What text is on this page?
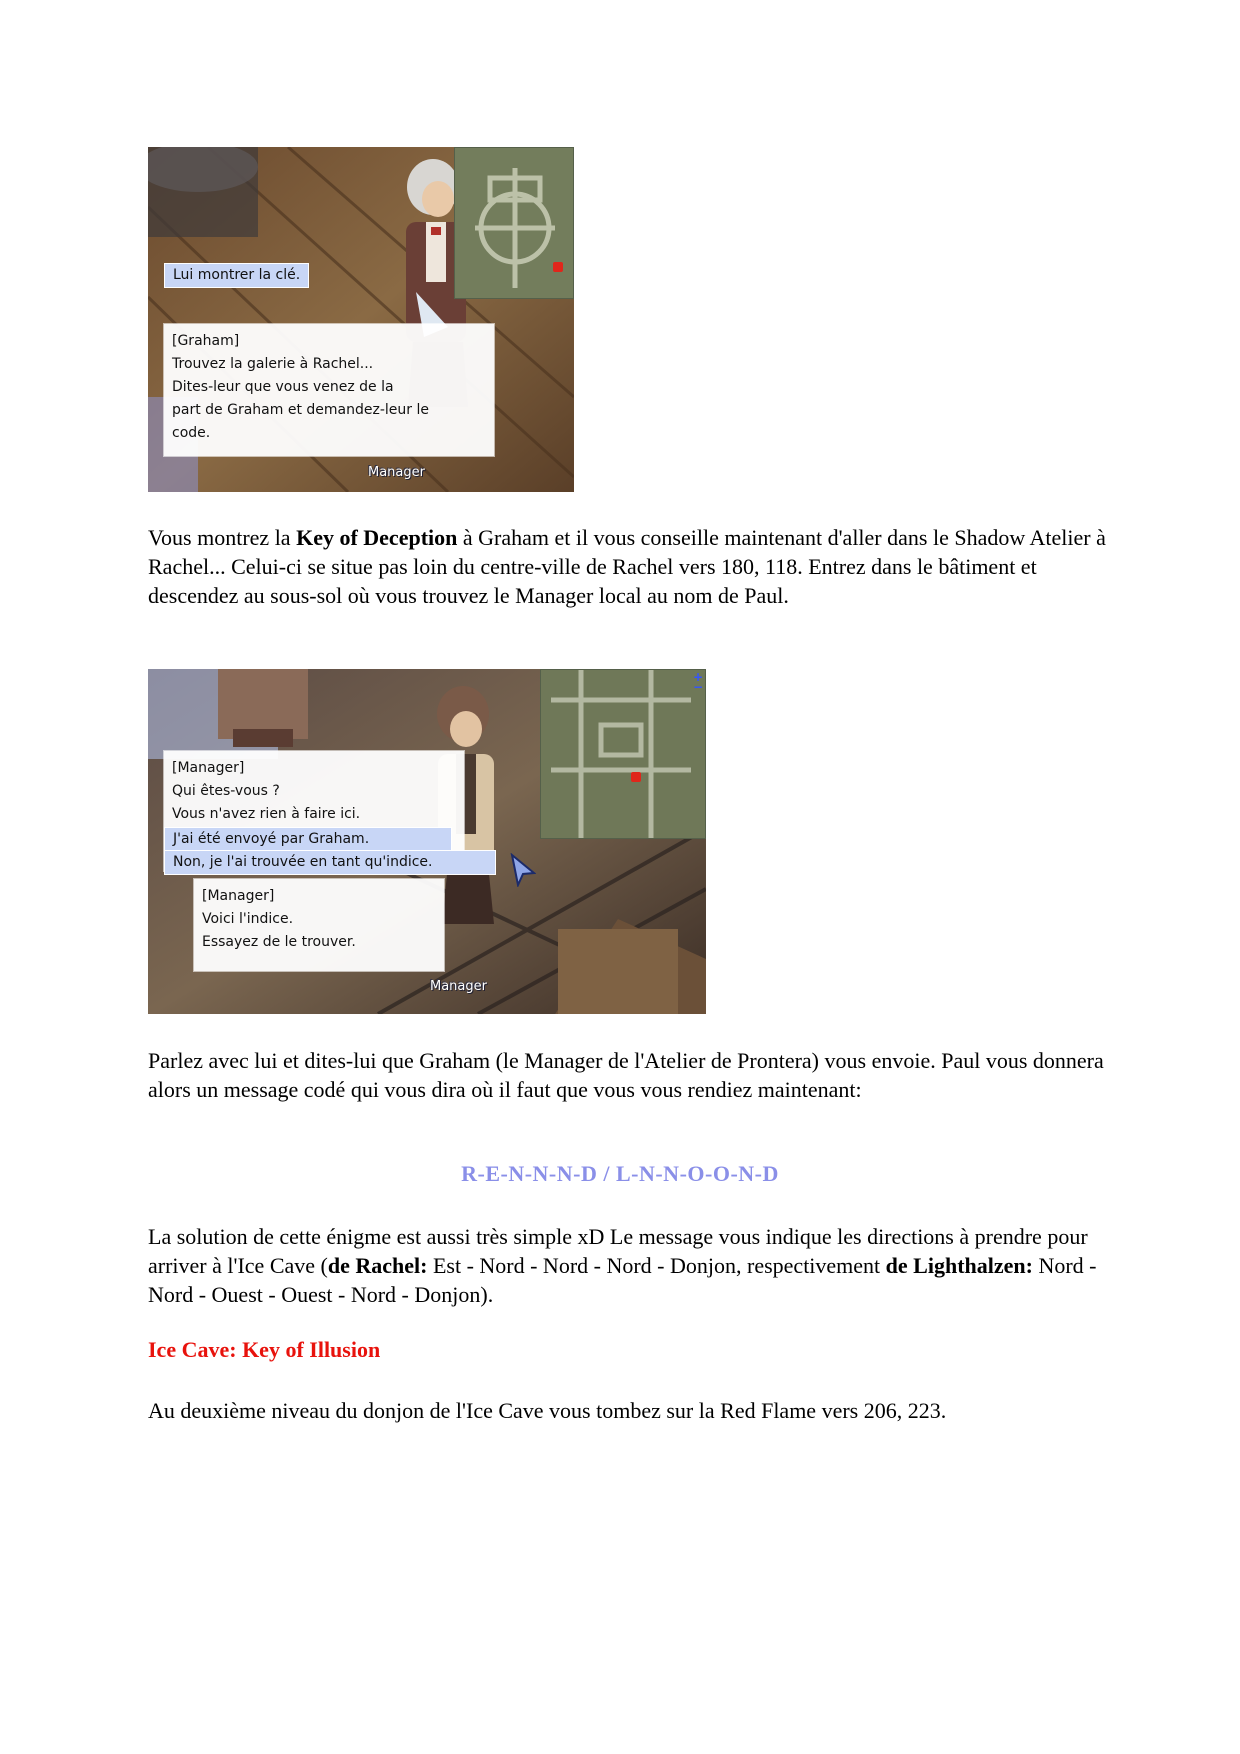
Lui montrer la clé.
[Graham]
Trouvez la galerie à Rachel...
Dites-leur que vous venez de la
part de Graham et demandez-leur le
code.
Manager

Vous montrez la Key of Deception à Graham et il vous conseille maintenant d'aller dans le Shadow Atelier à Rachel... Celui-ci se situe pas loin du centre-ville de Rachel vers 180, 118. Entrez dans le bâtiment et descendez au sous-sol où vous trouvez le Manager local au nom de Paul.

+
−
[Manager]
Qui êtes-vous ?
Vous n'avez rien à faire ici.
J'ai été envoyé par Graham.
Non, je l'ai trouvée en tant qu'indice.
[Manager]
Voici l'indice.
Essayez de le trouver.
Manager

Parlez avec lui et dites-lui que Graham (le Manager de l'Atelier de Prontera) vous envoie. Paul vous donnera alors un message codé qui vous dira où il faut que vous vous rendiez maintenant:

R-E-N-N-N-D / L-N-N-O-O-N-D

La solution de cette énigme est aussi très simple xD Le message vous indique les directions à prendre pour arriver à l'Ice Cave (de Rachel: Est - Nord - Nord - Nord - Donjon, respectivement de Lighthalzen: Nord - Nord - Ouest - Ouest - Nord - Donjon).

Ice Cave: Key of Illusion

Au deuxième niveau du donjon de l'Ice Cave vous tombez sur la Red Flame vers 206, 223.
